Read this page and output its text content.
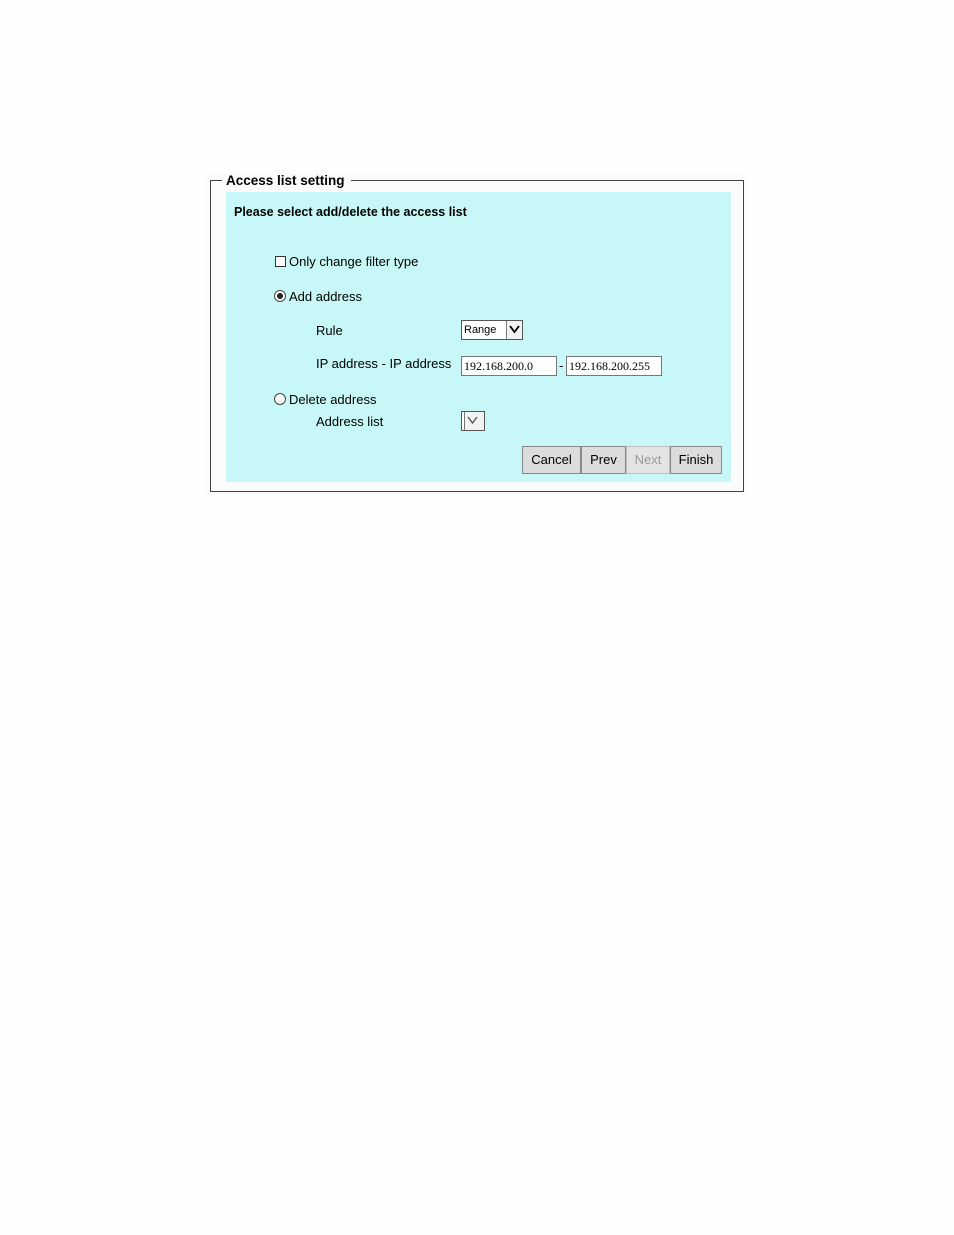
Access list setting
Please select add/delete the access list
Only change filter type
Add address
Rule	Range
IP address - IP address 192.168.200.0	- 192.168.200.255
Delete address
Address list
Cancel	Prev	Next	Finish
